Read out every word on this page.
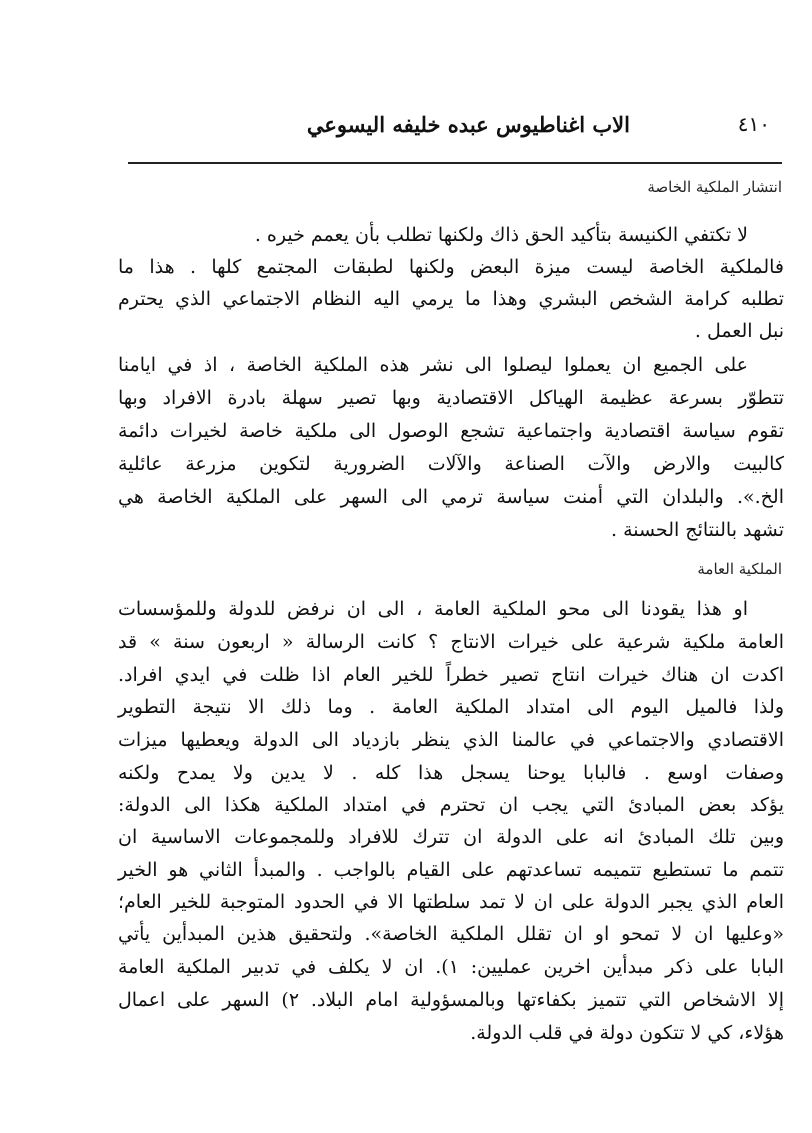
٤١٠
الاب اغناطيوس عبده خليفه اليسوعي
انتشار الملكية الخاصة
لا تكتفي الكنيسة بتأكيد الحق ذاك ولكنها تطلب بأن يعمم خيره .
فالملكية الخاصة ليست ميزة البعض ولكنها لطبقات المجتمع كلها . هذا ما
تطلبه كرامة الشخص البشري وهذا ما يرمي اليه النظام الاجتماعي الذي يحترم
نبل العمل .
على الجميع ان يعملوا ليصلوا الى نشر هذه الملكية الخاصة ، اذ في ايامنا
تتطوّر بسرعة عظيمة الهياكل الاقتصادية وبها تصير سهلة بادرة الافراد وبها
تقوم سياسة اقتصادية واجتماعية تشجع الوصول الى ملكية خاصة لخيرات دائمة
كالبيت والارض والآت الصناعة والآلات الضرورية لتكوين مزرعة عائلية
الخ.». والبلدان التي أمنت سياسة ترمي الى السهر على الملكية الخاصة هي
تشهد بالنتائج الحسنة .
الملكية العامة
او هذا يقودنا الى محو الملكية العامة ، الى ان نرفض للدولة وللمؤسسات
العامة ملكية شرعية على خيرات الانتاج ؟ كانت الرسالة « اربعون سنة » قد
اكدت ان هناك خيرات انتاج تصير خطراً للخير العام اذا ظلت في ايدي افراد.
ولذا فالميل اليوم الى امتداد الملكية العامة . وما ذلك الا نتيجة التطوير
الاقتصادي والاجتماعي في عالمنا الذي ينظر بازدياد الى الدولة ويعطيها ميزات
وصفات اوسع . فالبابا يوحنا يسجل هذا كله . لا يدين ولا يمدح ولكنه
يؤكد بعض المبادئ التي يجب ان تحترم في امتداد الملكية هكذا الى الدولة:
وبين تلك المبادئ انه على الدولة ان تترك للافراد وللمجموعات الاساسية ان
تتمم ما تستطيع تتميمه تساعدتهم على القيام بالواجب . والمبدأ الثاني هو الخير
العام الذي يجبر الدولة على ان لا تمد سلطتها الا في الحدود المتوجبة للخير العام؛
«وعليها ان لا تمحو او ان تقلل الملكية الخاصة». ولتحقيق هذين المبدأين يأتي
البابا على ذكر مبدأين اخرين عمليين: ١). ان لا يكلف في تدبير الملكية العامة
إلا الاشخاص التي تتميز بكفاءتها وبالمسؤولية امام البلاد. ٢) السهر على اعمال
هؤلاء، كي لا تتكون دولة في قلب الدولة.
